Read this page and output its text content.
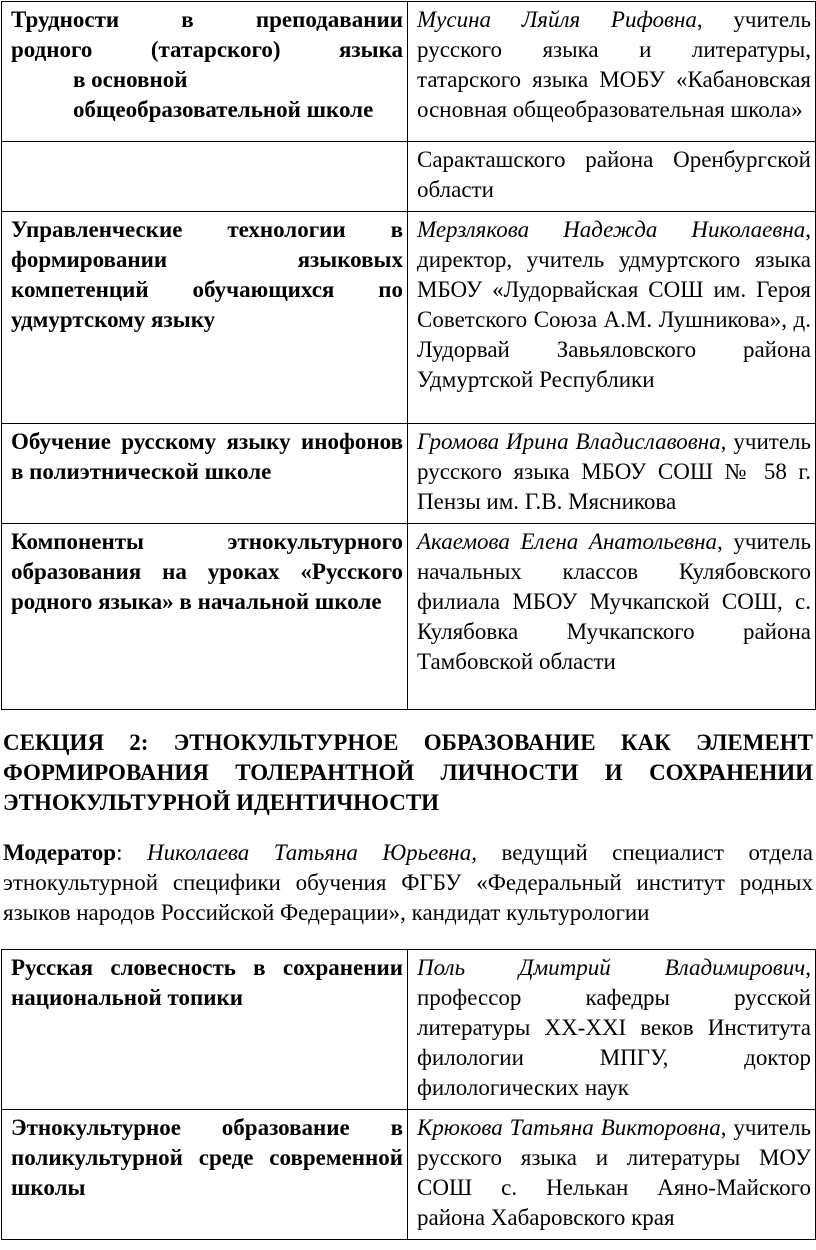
Трудности в преподавании
родного (татарского) языка
в основной
общеобразовательной школе	Мусина Ляйля Рифовна, учитель русского языка и литературы, татарского языка МОБУ «Кабановская основная общеобразовательная школа»
	Саракташского района Оренбургской области
Управленческие технологии в формировании языковых компетенций обучающихся по удмуртскому языку	Мерзлякова Надежда Николаевна, директор, учитель удмуртского языка МБОУ «Лудорвайская СОШ им. Героя Советского Союза А.М. Лушникова», д. Лудорвай Завьяловского района Удмуртской Республики
Обучение русскому языку инофонов в полиэтнической школе	Громова Ирина Владиславовна, учитель русского языка МБОУ СОШ № 58 г. Пензы им. Г.В. Мясникова
Компоненты этнокультурного образования на уроках «Русского родного языка» в начальной школе	Акаемова Елена Анатольевна, учитель начальных классов Кулябовского филиала МБОУ Мучкапской СОШ, с. Кулябовка Мучкапского района Тамбовской области
СЕКЦИЯ 2: ЭТНОКУЛЬТУРНОЕ ОБРАЗОВАНИЕ КАК ЭЛЕМЕНТ ФОРМИРОВАНИЯ ТОЛЕРАНТНОЙ ЛИЧНОСТИ И СОХРАНЕНИИ ЭТНОКУЛЬТУРНОЙ ИДЕНТИЧНОСТИ
Модератор: Николаева Татьяна Юрьевна, ведущий специалист отдела этнокультурной специфики обучения ФГБУ «Федеральный институт родных языков народов Российской Федерации», кандидат культурологии
Русская словесность в сохранении национальной топики	Поль Дмитрий Владимирович, профессор кафедры русской литературы XX-XXI веков Института филологии МПГУ, доктор филологических наук
Этнокультурное образование в поликультурной среде современной школы	Крюкова Татьяна Викторовна, учитель русского языка и литературы МОУ СОШ с. Нелькан Аяно-Майского района Хабаровского края
